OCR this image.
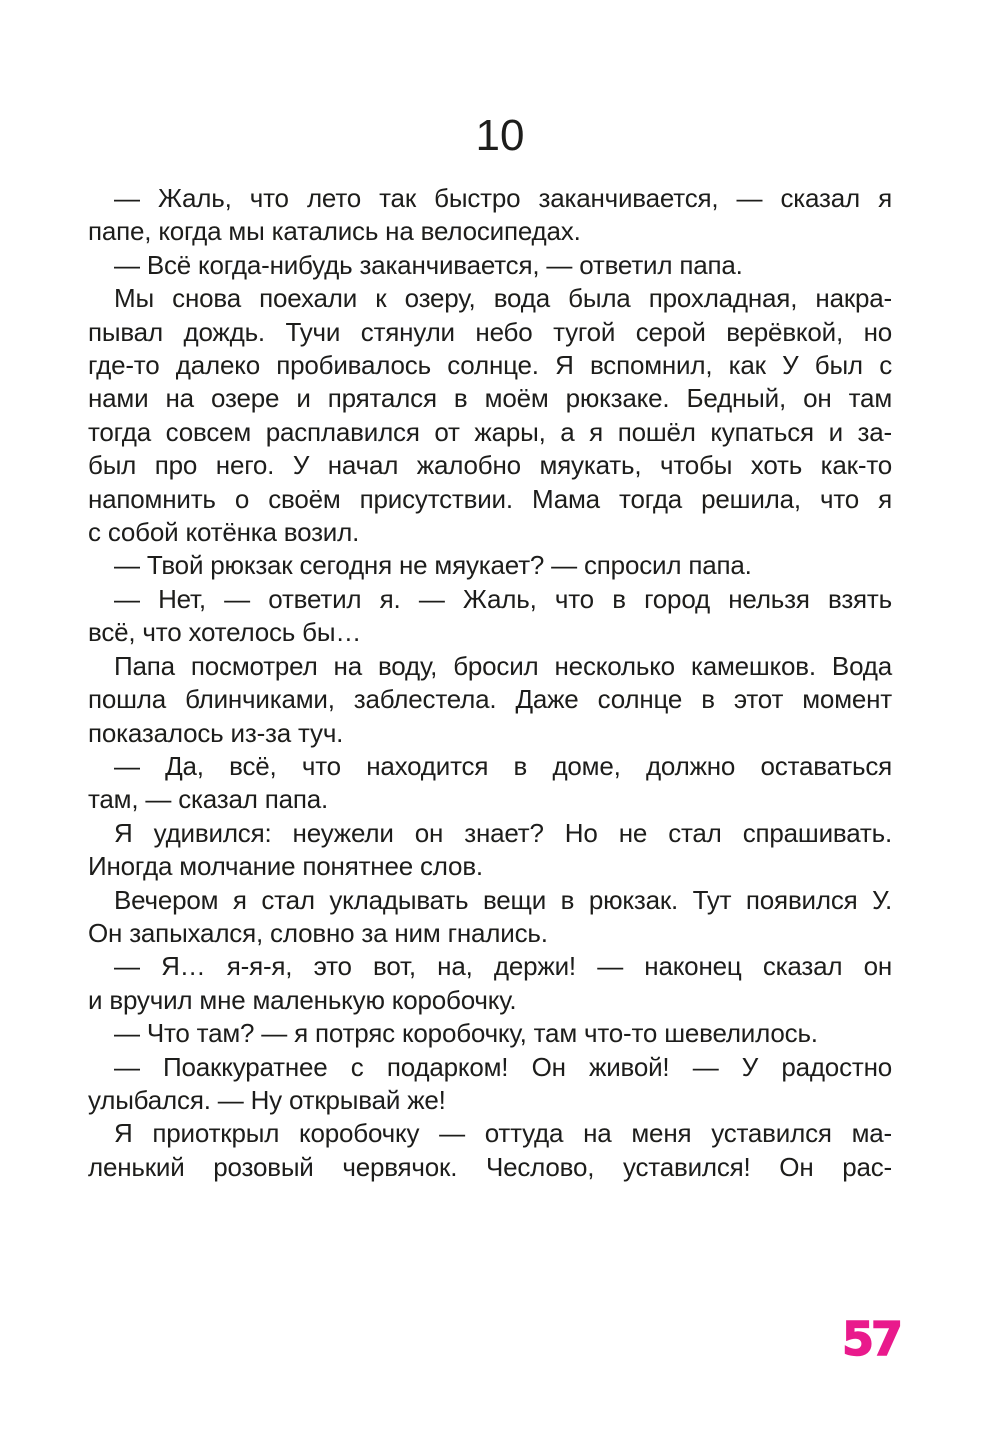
10
— Жаль, что лето так быстро заканчивается, — сказал я
папе, когда мы катались на велосипедах.
— Всё когда-нибудь заканчивается, — ответил папа.
Мы снова поехали к озеру, вода была прохладная, накра-
пывал дождь. Тучи стянули небо тугой серой верёвкой, но
где-то далеко пробивалось солнце. Я вспомнил, как У был с
нами на озере и прятался в моём рюкзаке. Бедный, он там
тогда совсем расплавился от жары, а я пошёл купаться и за-
был про него. У начал жалобно мяукать, чтобы хоть как-то
напомнить о своём присутствии. Мама тогда решила, что я
с собой котёнка возил.
— Твой рюкзак сегодня не мяукает? — спросил папа.
— Нет, — ответил я. — Жаль, что в город нельзя взять
всё, что хотелось бы…
Папа посмотрел на воду, бросил несколько камешков. Вода
пошла блинчиками, заблестела. Даже солнце в этот момент
показалось из-за туч.
— Да, всё, что находится в доме, должно оставаться
там, — сказал папа.
Я удивился: неужели он знает? Но не стал спрашивать.
Иногда молчание понятнее слов.
Вечером я стал укладывать вещи в рюкзак. Тут появился У.
Он запыхался, словно за ним гнались.
— Я… я-я-я, это вот, на, держи! — наконец сказал он
и вручил мне маленькую коробочку.
— Что там? — я потряс коробочку, там что-то шевелилось.
— Поаккуратнее с подарком! Он живой! — У радостно
улыбался. — Ну открывай же!
Я приоткрыл коробочку — оттуда на меня уставился ма-
ленький розовый червячок. Чеслово, уставился! Он рас-
57
